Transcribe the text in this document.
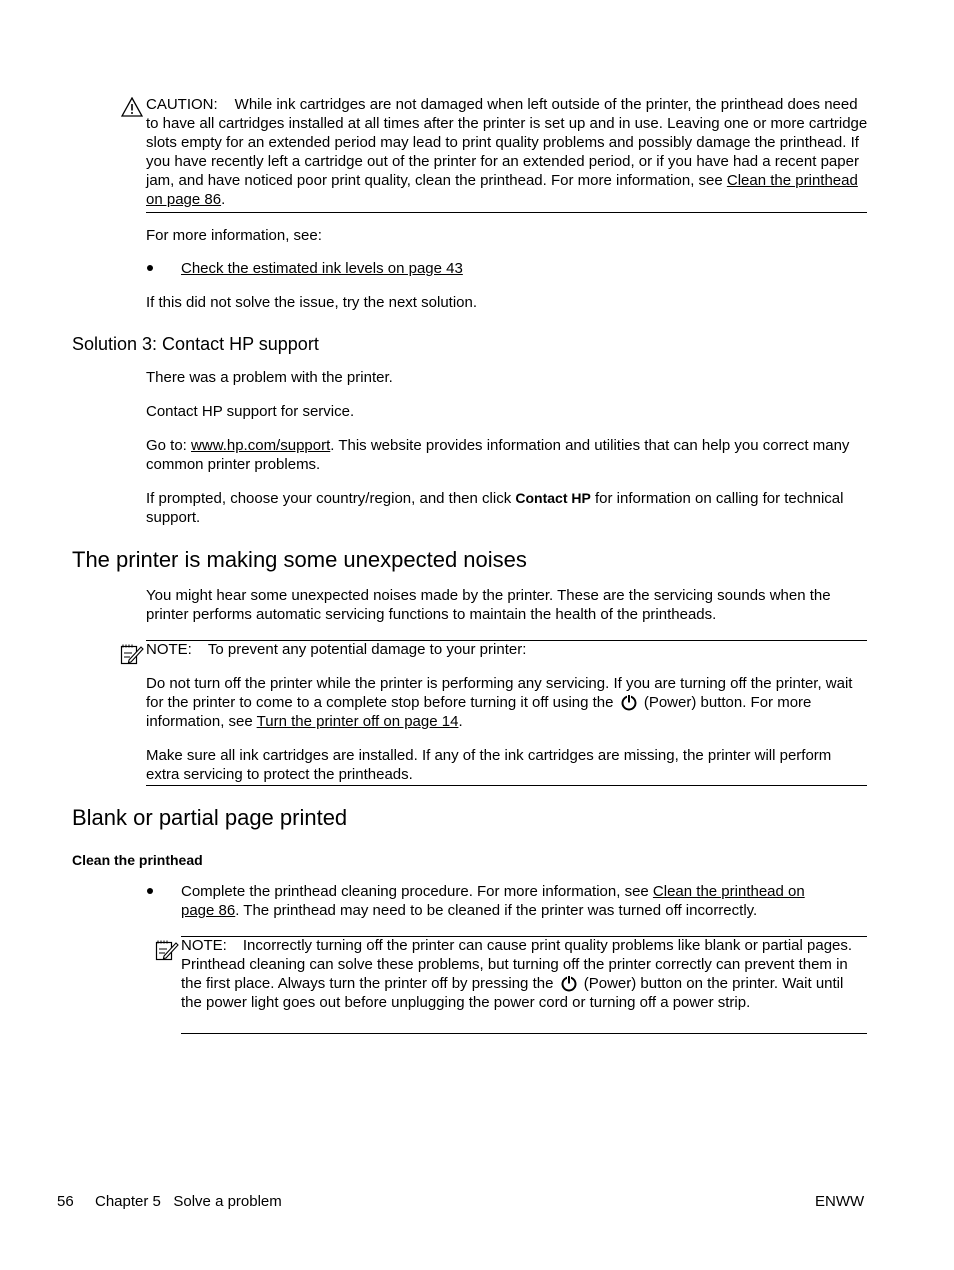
CAUTION: While ink cartridges are not damaged when left outside of the printer, the printhead does need to have all cartridges installed at all times after the printer is set up and in use. Leaving one or more cartridge slots empty for an extended period may lead to print quality problems and possibly damage the printhead. If you have recently left a cartridge out of the printer for an extended period, or if you have had a recent paper jam, and have noticed poor print quality, clean the printhead. For more information, see Clean the printhead on page 86.

For more information, see:

Check the estimated ink levels on page 43

If this did not solve the issue, try the next solution.

Solution 3: Contact HP support

There was a problem with the printer.

Contact HP support for service.

Go to: www.hp.com/support. This website provides information and utilities that can help you correct many common printer problems.

If prompted, choose your country/region, and then click Contact HP for information on calling for technical support.

The printer is making some unexpected noises

You might hear some unexpected noises made by the printer. These are the servicing sounds when the printer performs automatic servicing functions to maintain the health of the printheads.

NOTE: To prevent any potential damage to your printer:

Do not turn off the printer while the printer is performing any servicing. If you are turning off the printer, wait for the printer to come to a complete stop before turning it off using the  (Power) button. For more information, see Turn the printer off on page 14.

Make sure all ink cartridges are installed. If any of the ink cartridges are missing, the printer will perform extra servicing to protect the printheads.

Blank or partial page printed
Clean the printhead

Complete the printhead cleaning procedure. For more information, see Clean the printhead on page 86. The printhead may need to be cleaned if the printer was turned off incorrectly.

NOTE: Incorrectly turning off the printer can cause print quality problems like blank or partial pages. Printhead cleaning can solve these problems, but turning off the printer correctly can prevent them in the first place. Always turn the printer off by pressing the  (Power) button on the printer. Wait until the power light goes out before unplugging the power cord or turning off a power strip.

56 Chapter 5   Solve a problem	ENWW
